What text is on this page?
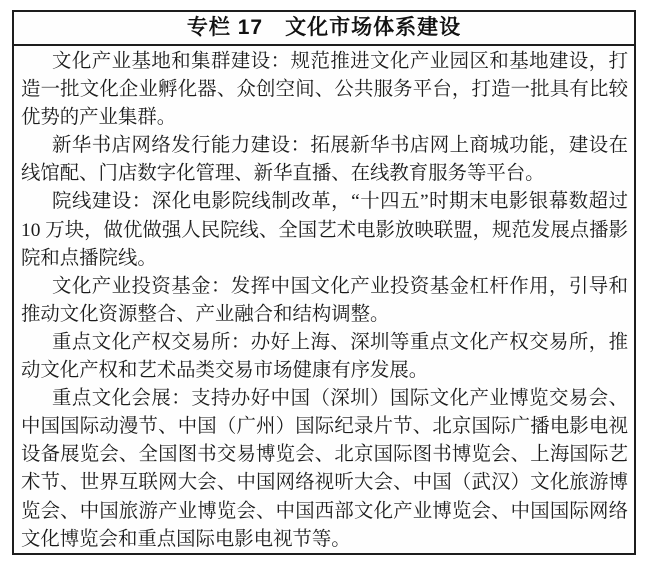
专栏 17　文化市场体系建设

文化产业基地和集群建设：规范推进文化产业园区和基地建设，打造一批文化企业孵化器、众创空间、公共服务平台，打造一批具有比较优势的产业集群。

新华书店网络发行能力建设：拓展新华书店网上商城功能，建设在线馆配、门店数字化管理、新华直播、在线教育服务等平台。

院线建设：深化电影院线制改革，“十四五”时期末电影银幕数超过 10 万块，做优做强人民院线、全国艺术电影放映联盟，规范发展点播影院和点播院线。

文化产业投资基金：发挥中国文化产业投资基金杠杆作用，引导和推动文化资源整合、产业融合和结构调整。

重点文化产权交易所：办好上海、深圳等重点文化产权交易所，推动文化产权和艺术品类交易市场健康有序发展。

重点文化会展：支持办好中国（深圳）国际文化产业博览交易会、中国国际动漫节、中国（广州）国际纪录片节、北京国际广播电影电视设备展览会、全国图书交易博览会、北京国际图书博览会、上海国际艺术节、世界互联网大会、中国网络视听大会、中国（武汉）文化旅游博览会、中国旅游产业博览会、中国西部文化产业博览会、中国国际网络文化博览会和重点国际电影电视节等。
